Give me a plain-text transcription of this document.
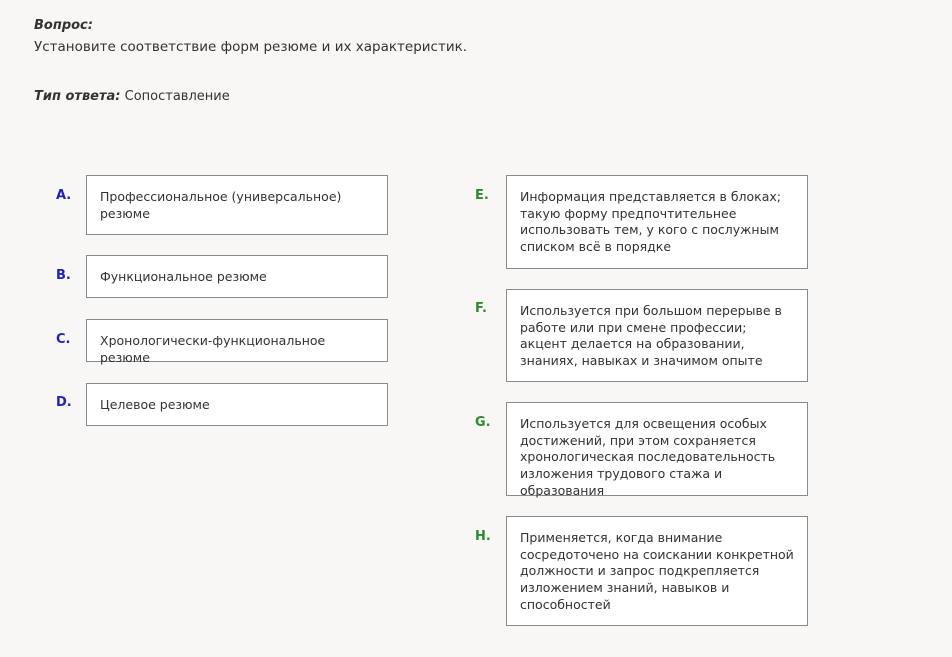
Вопрос:
Установите соответствие форм резюме и их характеристик.
Тип ответа: Сопоставление
A.	Профессиональное (универсальное) резюме
B.	Функциональное резюме
C.	Хронологически-функциональное резюме
D.	Целевое резюме
E.	Информация представляется в блоках; такую форму предпочтительнее использовать тем, у кого с послужным списком всё в порядке
F.	Используется при большом перерыве в работе или при смене профессии; акцент делается на образовании, знаниях, навыках и значимом опыте
G.	Используется для освещения особых достижений, при этом сохраняется хронологическая последовательность изложения трудового стажа и образования
H.	Применяется, когда внимание сосредоточено на соискании конкретной должности и запрос подкрепляется изложением знаний, навыков и способностей
